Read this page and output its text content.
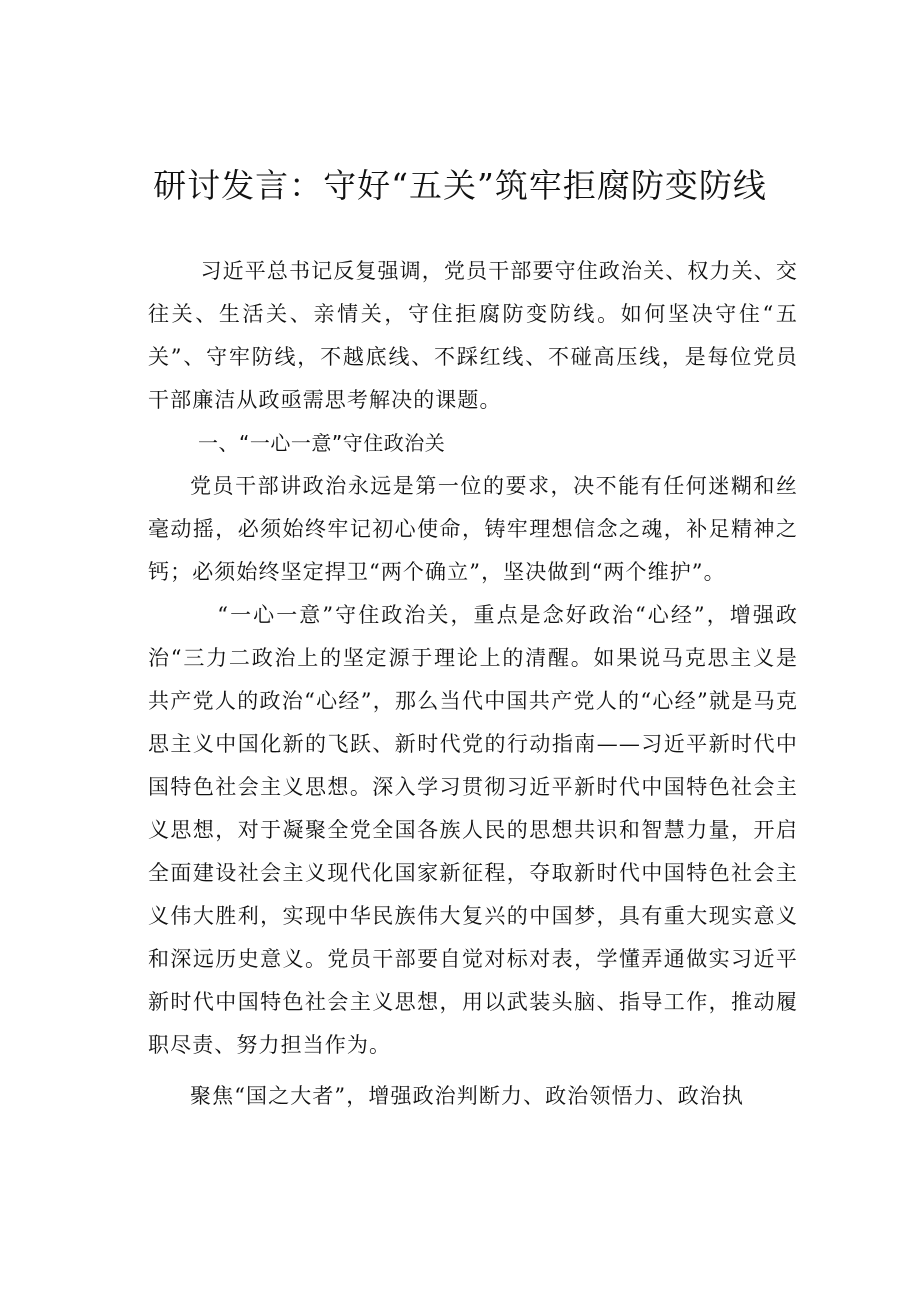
研讨发言：守好“五关”筑牢拒腐防变防线

习近平总书记反复强调，党员干部要守住政治关、权力关、交往关、生活关、亲情关，守住拒腐防变防线。如何坚决守住“五关”、守牢防线，不越底线、不踩红线、不碰高压线，是每位党员干部廉洁从政亟需思考解决的课题。

一、“一心一意”守住政治关

党员干部讲政治永远是第一位的要求，决不能有任何迷糊和丝毫动摇，必须始终牢记初心使命，铸牢理想信念之魂，补足精神之钙；必须始终坚定捍卫“两个确立”，坚决做到“两个维护”。

“一心一意”守住政治关，重点是念好政治“心经”，增强政治“三力二政治上的坚定源于理论上的清醒。如果说马克思主义是共产党人的政治“心经”，那么当代中国共产党人的“心经”就是马克思主义中国化新的飞跃、新时代党的行动指南——习近平新时代中国特色社会主义思想。深入学习贯彻习近平新时代中国特色社会主义思想，对于凝聚全党全国各族人民的思想共识和智慧力量，开启全面建设社会主义现代化国家新征程，夺取新时代中国特色社会主义伟大胜利，实现中华民族伟大复兴的中国梦，具有重大现实意义和深远历史意义。党员干部要自觉对标对表，学懂弄通做实习近平新时代中国特色社会主义思想，用以武装头脑、指导工作，推动履职尽责、努力担当作为。

聚焦“国之大者”，增强政治判断力、政治领悟力、政治执
